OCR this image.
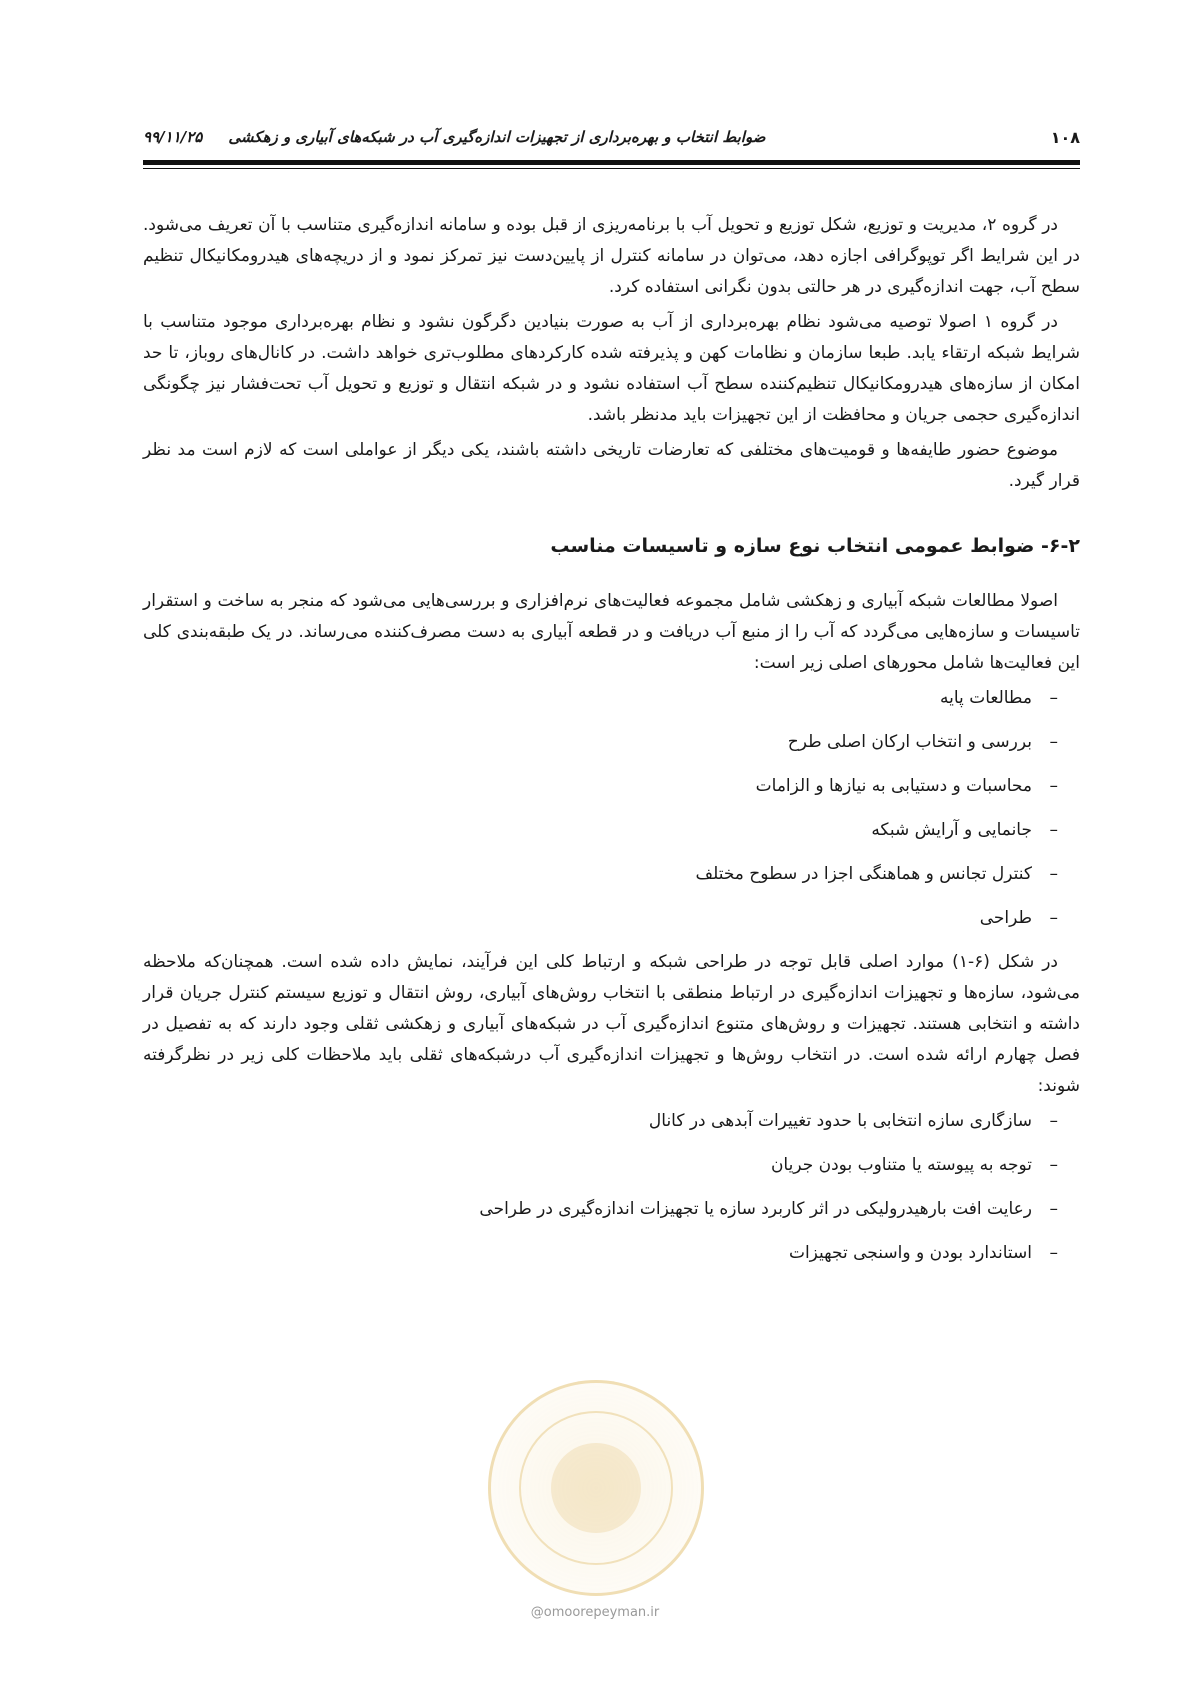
۱۰۸
ضوابط انتخاب و بهره‌برداری از تجهیزات اندازه‌گیری آب در شبکه‌های آبیاری و زهکشی     ۹۹/۱۱/۲۵

در گروه ۲، مدیریت و توزیع، شکل توزیع و تحویل آب با برنامه‌ریزی از قبل بوده و سامانه اندازه‌گیری متناسب با آن تعریف می‌شود. در این شرایط اگر توپوگرافی اجازه دهد، می‌توان در سامانه کنترل از پایین‌دست نیز تمرکز نمود و از دریچه‌های هیدرومکانیکال تنظیم سطح آب، جهت اندازه‌گیری در هر حالتی بدون نگرانی استفاده کرد.

در گروه ۱ اصولا توصیه می‌شود نظام بهره‌برداری از آب به صورت بنیادین دگرگون نشود و نظام بهره‌برداری موجود متناسب با شرایط شبکه ارتقاء یابد. طبعا سازمان و نظامات کهن و پذیرفته شده کارکردهای مطلوب‌تری خواهد داشت. در کانال‌های روباز، تا حد امکان از سازه‌های هیدرومکانیکال تنظیم‌کننده سطح آب استفاده نشود و در شبکه انتقال و توزیع و تحویل آب تحت‌فشار نیز چگونگی اندازه‌گیری حجمی جریان و محافظت از این تجهیزات باید مدنظر باشد.

موضوع حضور طایفه‌ها و قومیت‌های مختلفی که تعارضات تاریخی داشته باشند، یکی دیگر از عواملی است که لازم است مد نظر قرار گیرد.

۶-۲- ضوابط عمومی انتخاب نوع سازه و تاسیسات مناسب

اصولا مطالعات شبکه آبیاری و زهکشی شامل مجموعه فعالیت‌های نرم‌افزاری و بررسی‌هایی می‌شود که منجر به ساخت و استقرار تاسیسات و سازه‌هایی می‌گردد که آب را از منبع آب دریافت و در قطعه آبیاری به دست مصرف‌کننده می‌رساند. در یک طبقه‌بندی کلی این فعالیت‌ها شامل محورهای اصلی زیر است:

–مطالعات پایه
–بررسی و انتخاب ارکان اصلی طرح
–محاسبات و دستیابی به نیازها و الزامات
–جانمایی و آرایش شبکه
–کنترل تجانس و هماهنگی اجزا در سطوح مختلف
–طراحی

در شکل (۶-۱) موارد اصلی قابل توجه در طراحی شبکه و ارتباط کلی این فرآیند، نمایش داده شده است. همچنان‌که ملاحظه می‌شود، سازه‌ها و تجهیزات اندازه‌گیری در ارتباط منطقی با انتخاب روش‌های آبیاری، روش انتقال و توزیع سیستم کنترل جریان قرار داشته و انتخابی هستند. تجهیزات و روش‌های متنوع اندازه‌گیری آب در شبکه‌های آبیاری و زهکشی ثقلی وجود دارند که به تفصیل در فصل چهارم ارائه شده است. در انتخاب روش‌ها و تجهیزات اندازه‌گیری آب درشبکه‌های ثقلی باید ملاحظات کلی زیر در نظرگرفته شوند:

–سازگاری سازه انتخابی با حدود تغییرات آبدهی در کانال
–توجه به پیوسته یا متناوب بودن جریان
–رعایت افت بارهیدرولیکی در اثر کاربرد سازه یا تجهیزات اندازه‌گیری در طراحی
–استاندارد بودن و واسنجی تجهیزات
@omoorepeyman.ir
